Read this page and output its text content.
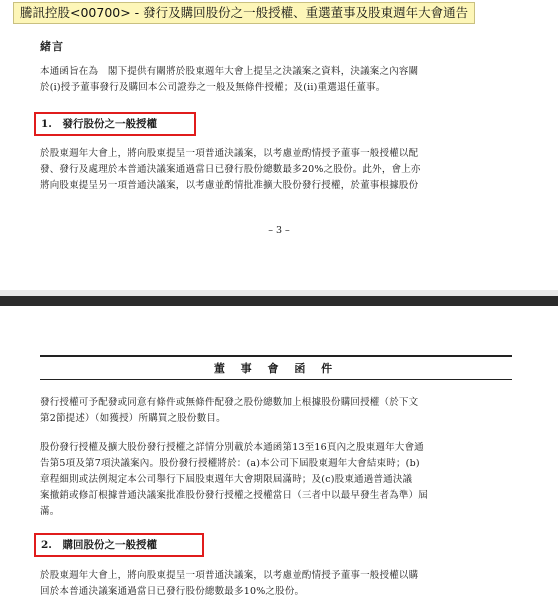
騰訊控股<00700> - 發行及購回股份之一般授權、重選董事及股東週年大會通告
緒言

本通函旨在為　閣下提供有關將於股東週年大會上提呈之決議案之資料，決議案之內容關

於(i)授予董事發行及購回本公司證券之一般及無條件授權；及(ii)重選退任董事。

1.　發行股份之一般授權

於股東週年大會上，將向股東提呈一項普通決議案，以考慮並酌情授予董事一般授權以配

發、發行及處理於本普通決議案通過當日已發行股份總數最多20%之股份。此外，會上亦

將向股東提呈另一項普通決議案，以考慮並酌情批准擴大股份發行授權，於董事根據股份

– 3 –
董 事 會 函 件

發行授權可予配發或同意有條件或無條件配發之股份總數加上根據股份購回授權（於下文

第2節提述）（如獲授）所購買之股份數目。

股份發行授權及擴大股份發行授權之詳情分別載於本通函第13至16頁內之股東週年大會通

告第5項及第7項決議案內。股份發行授權將於：(a)本公司下屆股東週年大會結束時；(b)

章程細則或法例規定本公司舉行下屆股東週年大會期限屆滿時；及(c)股東通過普通決議

案撤銷或修訂根據普通決議案批准股份發行授權之授權當日（三者中以最早發生者為準）屆

滿。

2.　購回股份之一般授權

於股東週年大會上，將向股東提呈一項普通決議案，以考慮並酌情授予董事一般授權以購

回於本普通決議案通過當日已發行股份總數最多10%之股份。
